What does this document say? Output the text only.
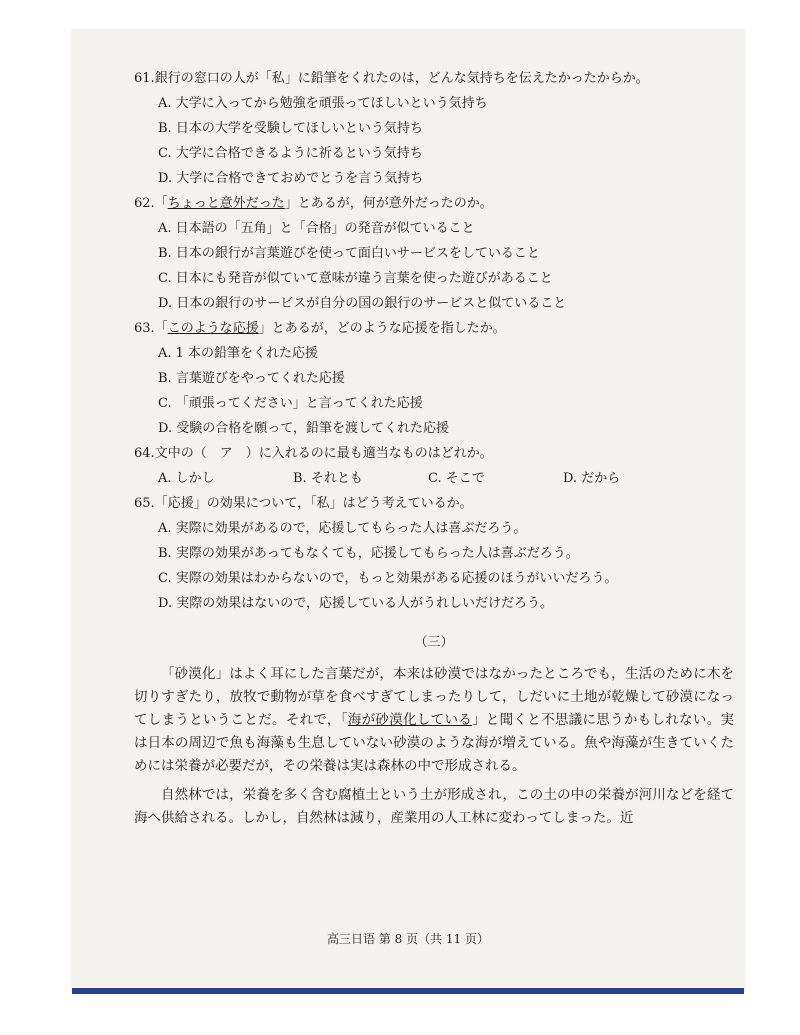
61.銀行の窓口の人が「私」に鉛筆をくれたのは，どんな気持ちを伝えたかったからか。
A. 大学に入ってから勉強を頑張ってほしいという気持ち
B. 日本の大学を受験してほしいという気持ち
C. 大学に合格できるように祈るという気持ち
D. 大学に合格できておめでとうを言う気持ち
62.「ちょっと意外だった」とあるが，何が意外だったのか。
A. 日本語の「五角」と「合格」の発音が似ていること
B. 日本の銀行が言葉遊びを使って面白いサービスをしていること
C. 日本にも発音が似ていて意味が違う言葉を使った遊びがあること
D. 日本の銀行のサービスが自分の国の銀行のサービスと似ていること
63.「このような応援」とあるが，どのような応援を指したか。
A. 1 本の鉛筆をくれた応援
B. 言葉遊びをやってくれた応援
C. 「頑張ってください」と言ってくれた応援
D. 受験の合格を願って，鉛筆を渡してくれた応援
64.文中の（　ア　）に入れるのに最も適当なものはどれか。
A. しかし	B. それとも	C. そこで	D. だから
65.「応援」の効果について，「私」はどう考えているか。
A. 実際に効果があるので，応援してもらった人は喜ぶだろう。
B. 実際の効果があってもなくても，応援してもらった人は喜ぶだろう。
C. 実際の効果はわからないので，もっと効果がある応援のほうがいいだろう。
D. 実際の効果はないので，応援している人がうれしいだけだろう。
（三）

「砂漠化」はよく耳にした言葉だが，本来は砂漠ではなかったところでも，生活のために木を切りすぎたり，放牧で動物が草を食べすぎてしまったりして，しだいに土地が乾燥して砂漠になってしまうということだ。それで，「海が砂漠化している」と聞くと不思議に思うかもしれない。実は日本の周辺で魚も海藻も生息していない砂漠のような海が増えている。魚や海藻が生きていくためには栄養が必要だが，その栄養は実は森林の中で形成される。

自然林では，栄養を多く含む腐植土という土が形成され，この土の中の栄養が河川などを経て海へ供給される。しかし，自然林は減り，産業用の人工林に変わってしまった。近

高三日语 第 8 页（共 11 页）
